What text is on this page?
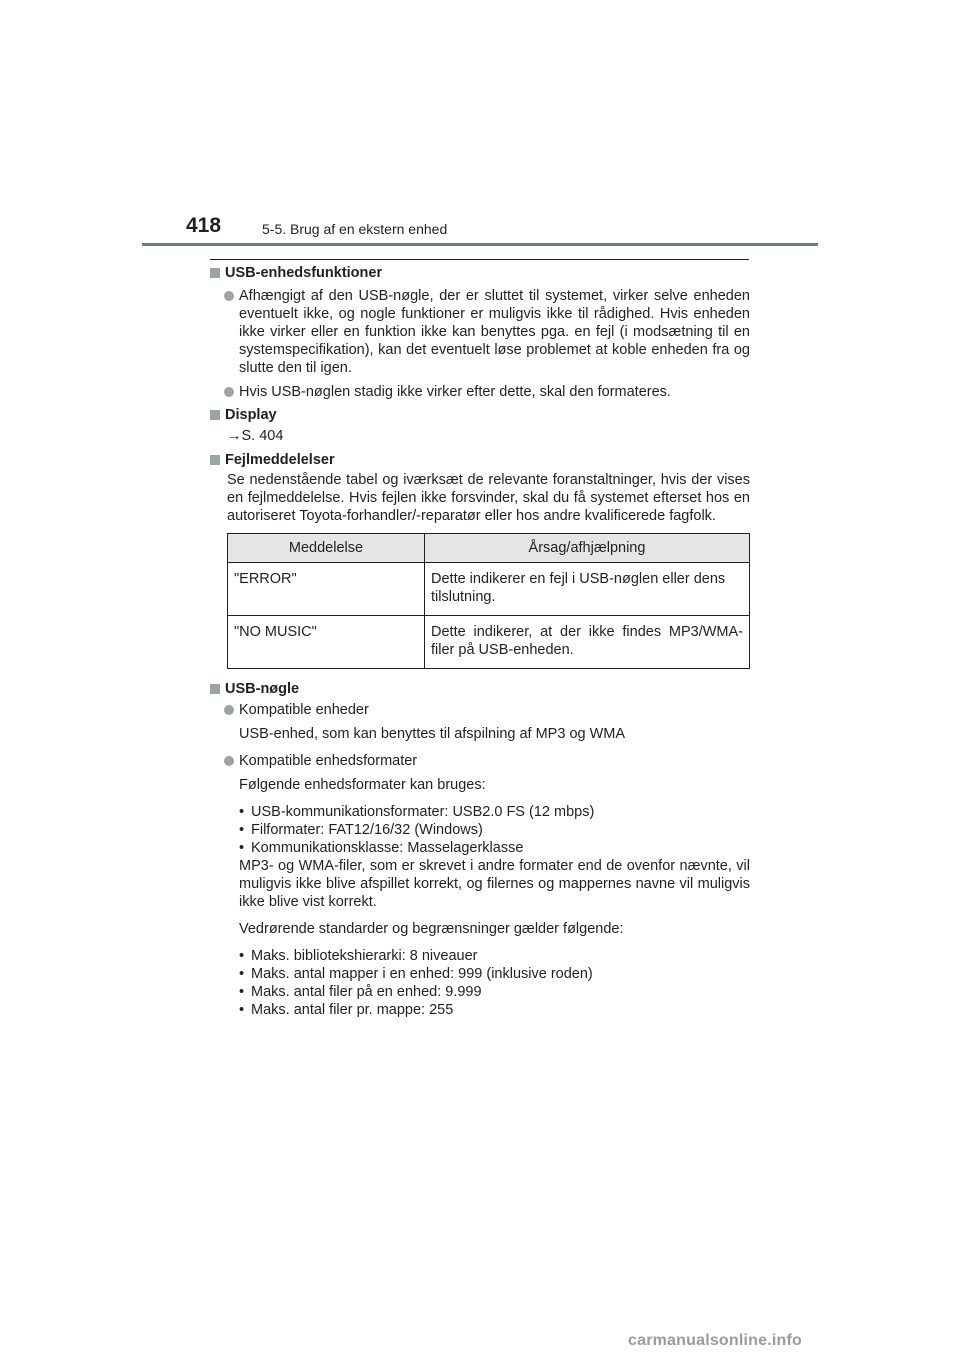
418	5-5. Brug af en ekstern enhed
USB-enhedsfunktioner
Afhængigt af den USB-nøgle, der er sluttet til systemet, virker selve enheden eventuelt ikke, og nogle funktioner er muligvis ikke til rådighed. Hvis enheden ikke virker eller en funktion ikke kan benyttes pga. en fejl (i modsætning til en systemspecifikation), kan det eventuelt løse problemet at koble enheden fra og slutte den til igen.
Hvis USB-nøglen stadig ikke virker efter dette, skal den formateres.
Display
→S. 404
Fejlmeddelelser
Se nedenstående tabel og iværksæt de relevante foranstaltninger, hvis der vises en fejlmeddelelse. Hvis fejlen ikke forsvinder, skal du få systemet efterset hos en autoriseret Toyota-forhandler/-reparatør eller hos andre kvalificerede fagfolk.
Meddelelse	Årsag/afhjælpning
"ERROR"	Dette indikerer en fejl i USB-nøglen eller dens tilslutning.
"NO MUSIC"	Dette indikerer, at der ikke findes MP3/WMA-filer på USB-enheden.
USB-nøgle
Kompatible enheder
USB-enhed, som kan benyttes til afspilning af MP3 og WMA
Kompatible enhedsformater
Følgende enhedsformater kan bruges:
• USB-kommunikationsformater: USB2.0 FS (12 mbps)
• Filformater: FAT12/16/32 (Windows)
• Kommunikationsklasse: Masselagerklasse
MP3- og WMA-filer, som er skrevet i andre formater end de ovenfor nævnte, vil muligvis ikke blive afspillet korrekt, og filernes og mappernes navne vil muligvis ikke blive vist korrekt.
Vedrørende standarder og begrænsninger gælder følgende:
• Maks. bibliotekshierarki: 8 niveauer
• Maks. antal mapper i en enhed: 999 (inklusive roden)
• Maks. antal filer på en enhed: 9.999
• Maks. antal filer pr. mappe: 255
carmanualsonline.info
